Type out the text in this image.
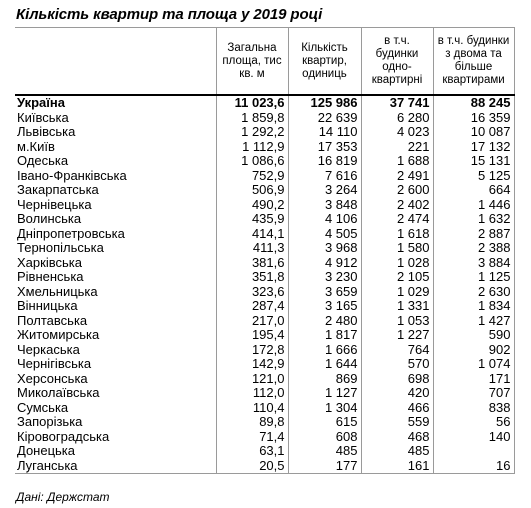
Кількість квартир та площа у 2019 році
	Загальна площа, тис кв. м	Кількість квартир, одиниць	в т.ч. будинки одно-квартирні	в т.ч. будинки з двома та більше квартирами
Україна	11 023,6	125 986	37 741	88 245
Київська	1 859,8	22 639	6 280	16 359
Львівська	1 292,2	14 110	4 023	10 087
м.Київ	1 112,9	17 353	221	17 132
Одеська	1 086,6	16 819	1 688	15 131
Івано-Франківська	752,9	7 616	2 491	5 125
Закарпатська	506,9	3 264	2 600	664
Чернівецька	490,2	3 848	2 402	1 446
Волинська	435,9	4 106	2 474	1 632
Дніпропетровська	414,1	4 505	1 618	2 887
Тернопільська	411,3	3 968	1 580	2 388
Харківська	381,6	4 912	1 028	3 884
Рівненська	351,8	3 230	2 105	1 125
Хмельницька	323,6	3 659	1 029	2 630
Вінницька	287,4	3 165	1 331	1 834
Полтавська	217,0	2 480	1 053	1 427
Житомирська	195,4	1 817	1 227	590
Черкаська	172,8	1 666	764	902
Чернігівська	142,9	1 644	570	1 074
Херсонська	121,0	869	698	171
Миколаївська	112,0	1 127	420	707
Сумська	110,4	1 304	466	838
Запорізька	89,8	615	559	56
Кіровоградська	71,4	608	468	140
Донецька	63,1	485	485	
Луганська	20,5	177	161	16
Дані: Держстат
